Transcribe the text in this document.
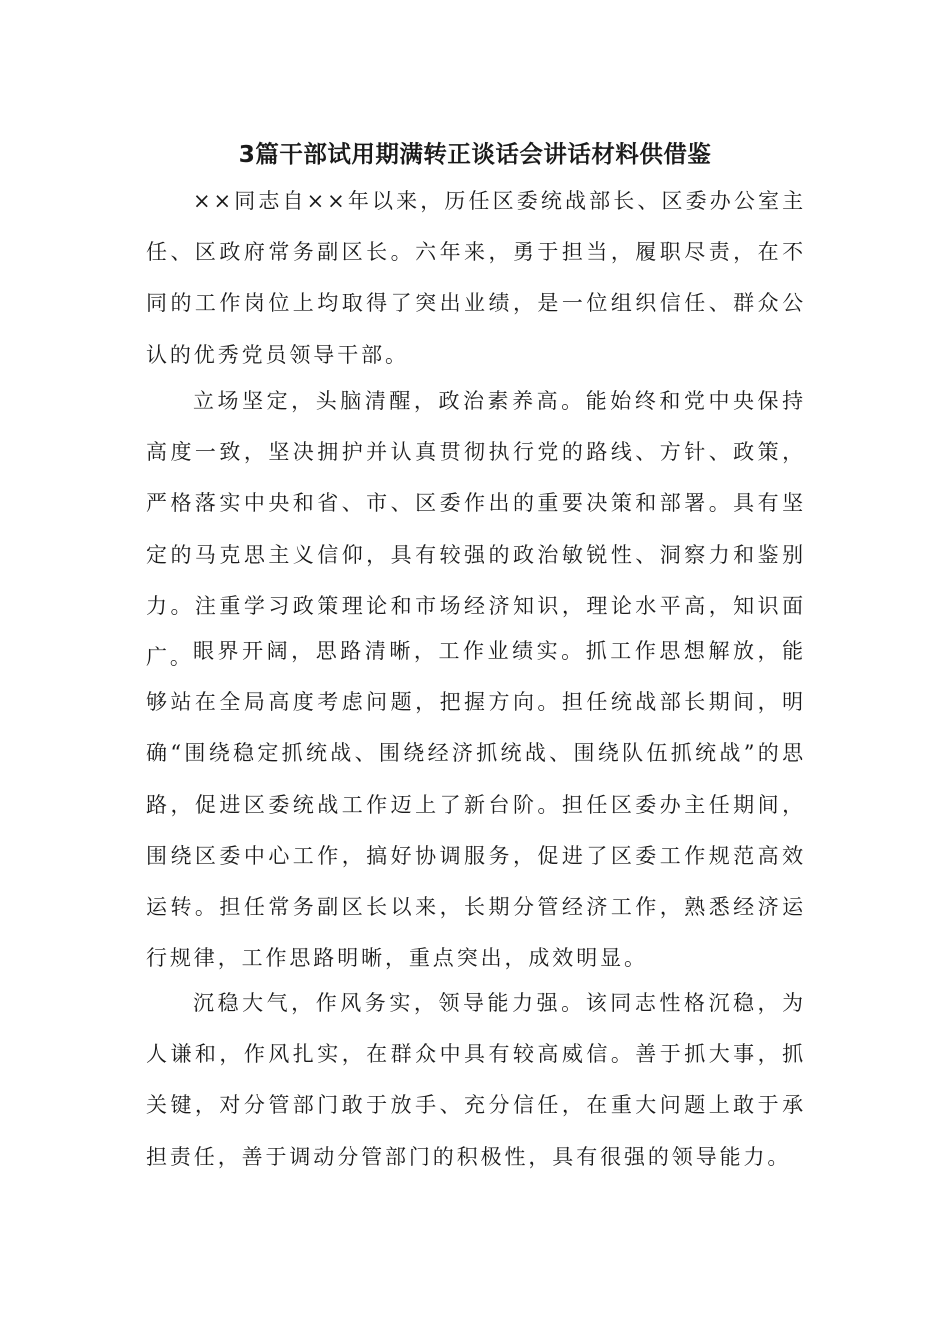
3篇干部试用期满转正谈话会讲话材料供借鉴

××同志自××年以来，历任区委统战部长、区委办公室主任、区政府常务副区长。六年来，勇于担当，履职尽责，在不同的工作岗位上均取得了突出业绩，是一位组织信任、群众公认的优秀党员领导干部。

立场坚定，头脑清醒，政治素养高。能始终和党中央保持高度一致，坚决拥护并认真贯彻执行党的路线、方针、政策，严格落实中央和省、市、区委作出的重要决策和部署。具有坚定的马克思主义信仰，具有较强的政治敏锐性、洞察力和鉴别力。注重学习政策理论和市场经济知识，理论水平高，知识面广。 眼界开阔，思路清晰，工作业绩实。抓工作思想解放，能够站在全局高度考虑问题，把握方向。担任统战部长期间，明确“围绕稳定抓统战、围绕经济抓统战、围绕队伍抓统战”的思路，促进区委统战工作迈上了新台阶。担任区委办主任期间，围绕区委中心工作，搞好协调服务，促进了区委工作规范高效运转。担任常务副区长以来，长期分管经济工作，熟悉经济运行规律，工作思路明晰，重点突出，成效明显。

沉稳大气，作风务实，领导能力强。该同志性格沉稳，为人谦和，作风扎实，在群众中具有较高威信。善于抓大事，抓关键，对分管部门敢于放手、充分信任，在重大问题上敢于承担责任，善于调动分管部门的积极性，具有很强的领导能力。
